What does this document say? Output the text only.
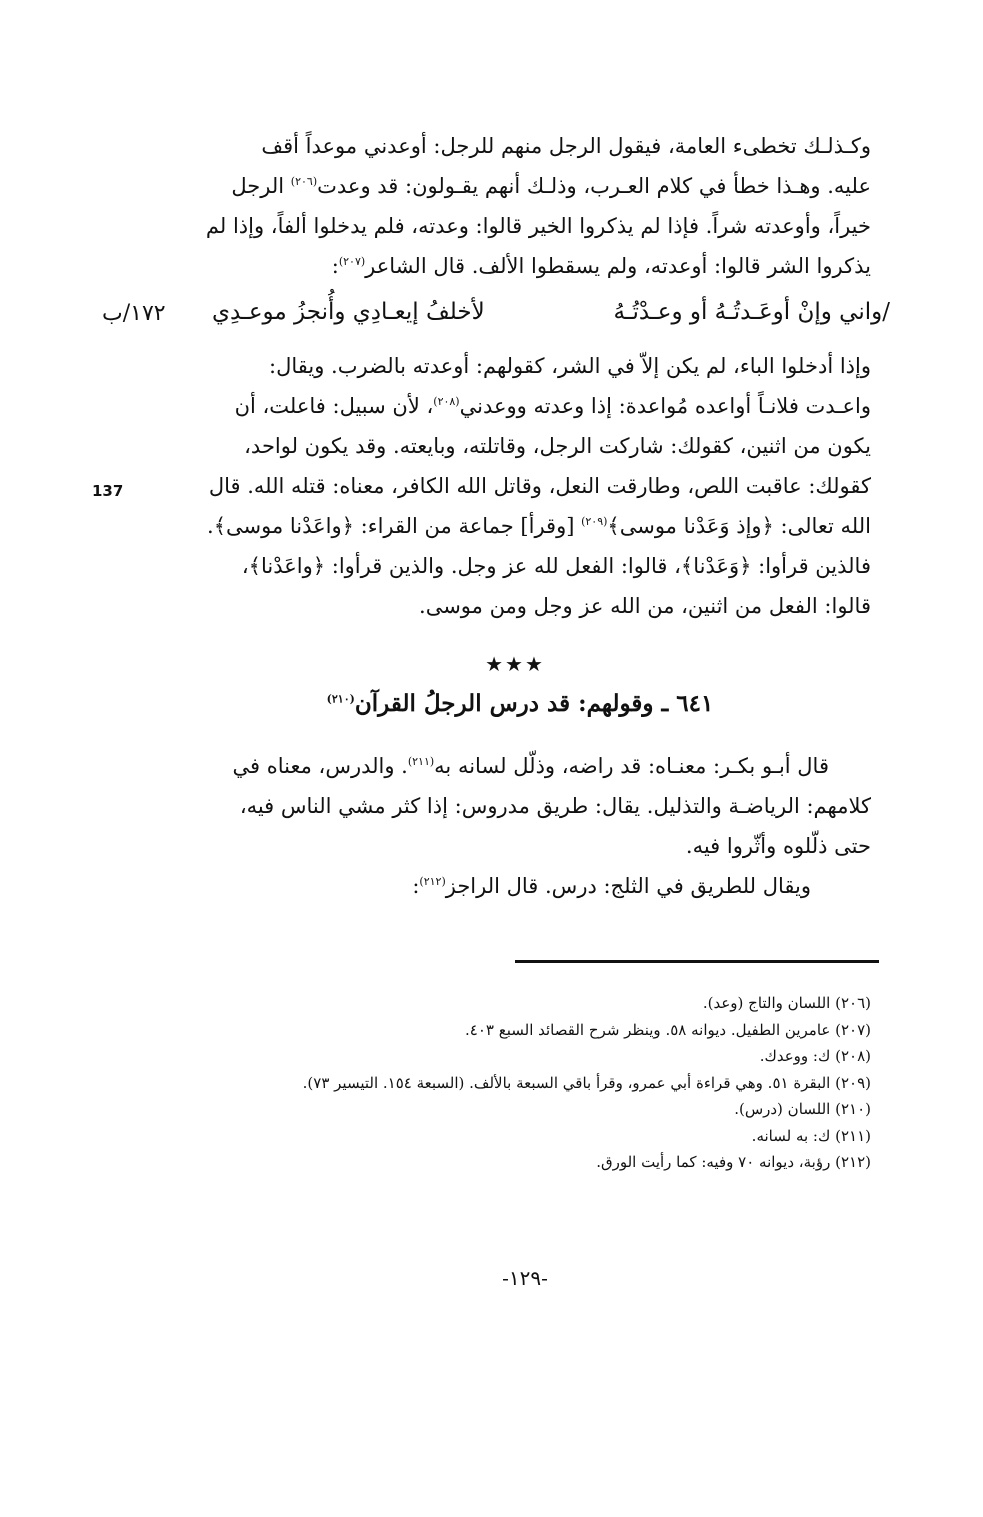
وكـذلـك تخطىء العامة، فيقول الرجل منهم للرجل: أوعدني موعداً أقف
عليه. وهـذا خطأ في كلام العـرب، وذلـك أنهم يقـولون: قد وعدت$^{(٢٠٦)}$ الرجل
خيراً، وأوعدته شراً. فإذا لم يذكروا الخير قالوا: وعدته، فلم يدخلوا ألفاً، وإذا لم
يذكروا الشر قالوا: أوعدته، ولم يسقطوا الألف. قال الشاعر$^{(٢٠٧)}$:

/واني وإنْ أوعَـدتُـهُ أو وعـدْتُـهُ
لأخلفُ إيعـادِي وأُنجزُ موعـدِي
١٧٢/ب

وإذا أدخلوا الباء، لم يكن إلاّ في الشر، كقولهم: أوعدته بالضرب. ويقال:
واعـدت فلانـاً أواعده مُواعدة: إذا وعدته ووعدني$^{(٢٠٨)}$، لأن سبيل: فاعلت، أن
يكون من اثنين، كقولك: شاركت الرجل، وقاتلته، وبايعته. وقد يكون لواحد،
كقولك: عاقبت اللص، وطارقت النعل، وقاتل الله الكافر، معناه: قتله الله. قال
الله تعالى: ﴿وإذ وَعَدْنا موسى﴾$^{(٢٠٩)}$ [وقرأ] جماعة من القراء: ﴿واعَدْنا موسى﴾.
فالذين قرأوا: ﴿وَعَدْنا﴾، قالوا: الفعل لله عز وجل. والذين قرأوا: ﴿واعَدْنا﴾،
قالوا: الفعل من اثنين، من الله عز وجل ومن موسى.

137
★★★
٦٤١ ـ وقولهم: قد درس الرجلُ القرآن$^{(٢١٠)}$

قال أبـو بكـر: معنـاه: قد راضه، وذلّل لسانه به$^{(٢١١)}$. والدرس، معناه في
كلامهم: الرياضـة والتذليل. يقال: طريق مدروس: إذا كثر مشي الناس فيه،
حتى ذلّلوه وأثّروا فيه.

ويقال للطريق في الثلج: درس. قال الراجز$^{(٢١٢)}$:

(٢٠٦) اللسان والتاج (وعد).
(٢٠٧) عامرين الطفيل. ديوانه ٥٨. وينظر شرح القصائد السبع ٤٠٣.
(٢٠٨) ك: ووعدك.
(٢٠٩) البقرة ٥١. وهي قراءة أبي عمرو، وقرأ باقي السبعة بالألف. (السبعة ١٥٤. التيسير ٧٣).
(٢١٠) اللسان (درس).
(٢١١) ك: به لسانه.
(٢١٢) رؤبة، ديوانه ٧٠ وفيه: كما رأيت الورق.
-١٢٩-
